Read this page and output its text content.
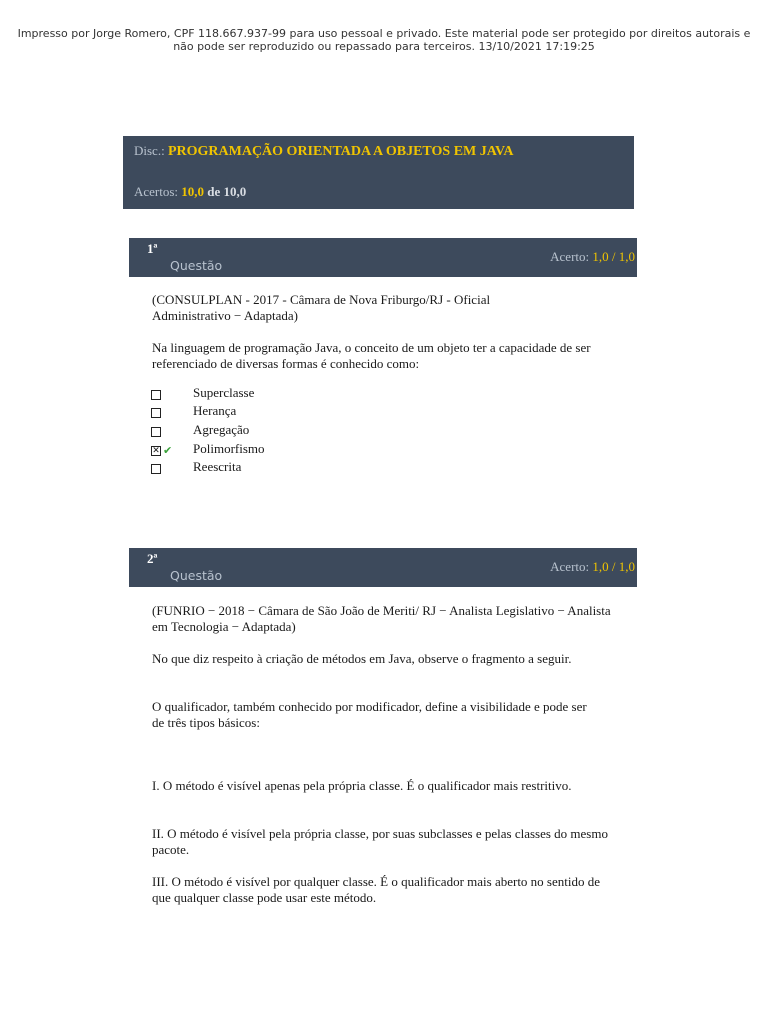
Impresso por Jorge Romero, CPF 118.667.937-99 para uso pessoal e privado. Este material pode ser protegido por direitos autorais e
não pode ser reproduzido ou repassado para terceiros. 13/10/2021 17:19:25
Disc.: PROGRAMAÇÃO ORIENTADA A OBJETOS EM JAVA
Acertos: 10,0 de 10,0
1ª
Questão
Acerto: 1,0 / 1,0
(CONSULPLAN - 2017 - Câmara de Nova Friburgo/RJ - Oficial Administrativo − Adaptada)
Na linguagem de programação Java, o conceito de um objeto ter a capacidade de ser referenciado de diversas formas é conhecido como:
Superclasse
Herança
Agregação
✕ ✔ Polimorfismo
Reescrita
2ª
Questão
Acerto: 1,0 / 1,0
(FUNRIO − 2018 − Câmara de São João de Meriti/ RJ − Analista Legislativo − Analista em Tecnologia − Adaptada)
No que diz respeito à criação de métodos em Java, observe o fragmento a seguir.
O qualificador, também conhecido por modificador, define a visibilidade e pode ser de três tipos básicos:
I. O método é visível apenas pela própria classe. É o qualificador mais restritivo.
II. O método é visível pela própria classe, por suas subclasses e pelas classes do mesmo pacote.
III. O método é visível por qualquer classe. É o qualificador mais aberto no sentido de que qualquer classe pode usar este método.
